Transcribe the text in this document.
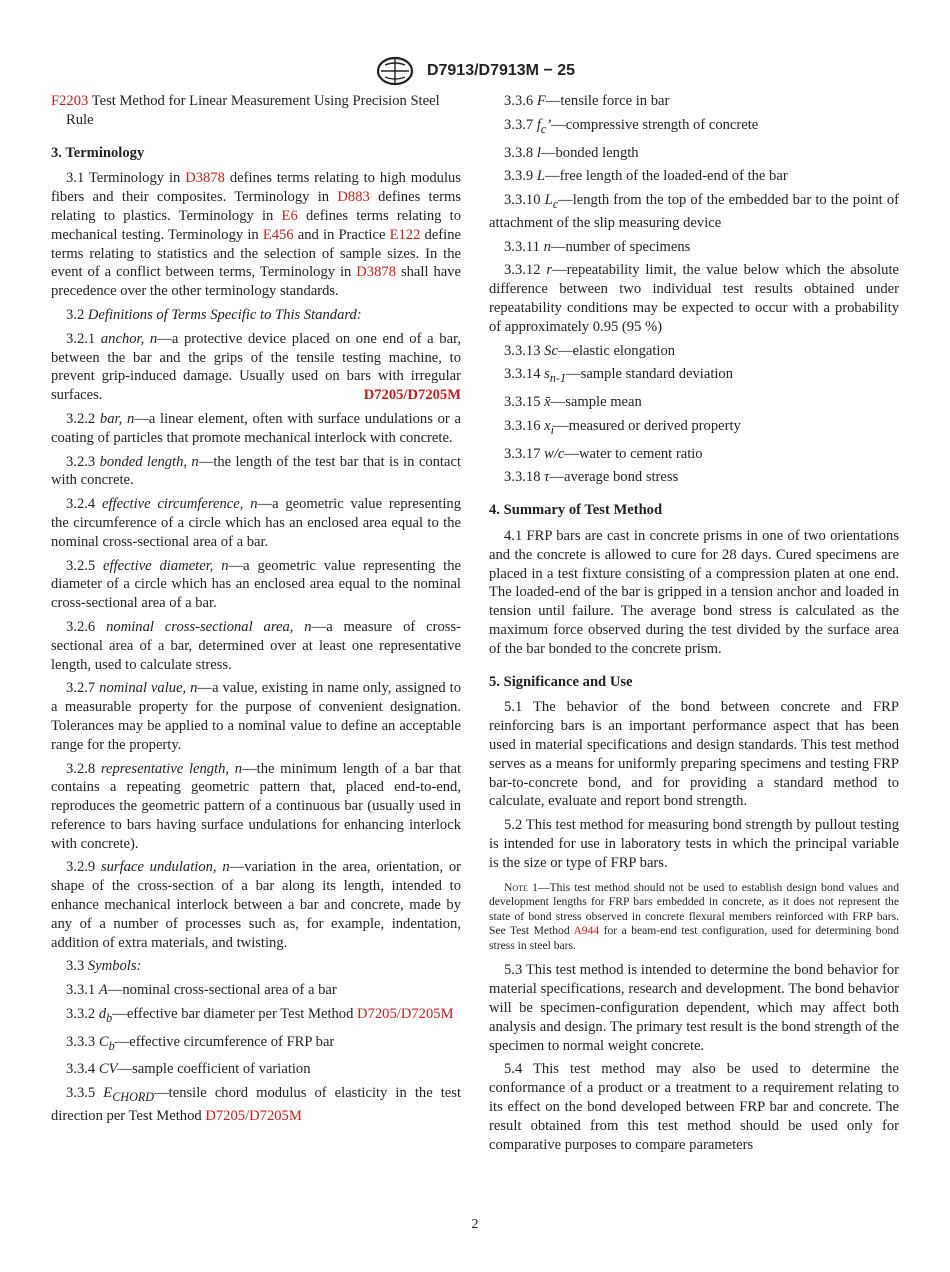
D7913/D7913M − 25

F2203 Test Method for Linear Measurement Using Precision Steel Rule

3. Terminology

3.1 Terminology in D3878 defines terms relating to high modulus fibers and their composites. Terminology in D883 defines terms relating to plastics. Terminology in E6 defines terms relating to mechanical testing. Terminology in E456 and in Practice E122 define terms relating to statistics and the selection of sample sizes. In the event of a conflict between terms, Terminology in D3878 shall have precedence over the other terminology standards.

3.2 Definitions of Terms Specific to This Standard:

3.2.1 anchor, n—a protective device placed on one end of a bar, between the bar and the grips of the tensile testing machine, to prevent grip-induced damage. Usually used on bars with irregular surfaces.	D7205/D7205M

3.2.2 bar, n—a linear element, often with surface undulations or a coating of particles that promote mechanical interlock with concrete.

3.2.3 bonded length, n—the length of the test bar that is in contact with concrete.

3.2.4 effective circumference, n—a geometric value representing the circumference of a circle which has an enclosed area equal to the nominal cross-sectional area of a bar.

3.2.5 effective diameter, n—a geometric value representing the diameter of a circle which has an enclosed area equal to the nominal cross-sectional area of a bar.

3.2.6 nominal cross-sectional area, n—a measure of cross-sectional area of a bar, determined over at least one representative length, used to calculate stress.

3.2.7 nominal value, n—a value, existing in name only, assigned to a measurable property for the purpose of convenient designation. Tolerances may be applied to a nominal value to define an acceptable range for the property.

3.2.8 representative length, n—the minimum length of a bar that contains a repeating geometric pattern that, placed end-to-end, reproduces the geometric pattern of a continuous bar (usually used in reference to bars having surface undulations for enhancing interlock with concrete).

3.2.9 surface undulation, n—variation in the area, orientation, or shape of the cross-section of a bar along its length, intended to enhance mechanical interlock between a bar and concrete, made by any of a number of processes such as, for example, indentation, addition of extra materials, and twisting.

3.3 Symbols:

3.3.1 A—nominal cross-sectional area of a bar

3.3.2 $d_b—effective$ bar diameter per Test Method D7205/D7205M

3.3.3 $C_b—effective$ circumference of FRP bar

3.3.4 CV—sample coefficient of variation

3.3.5 $E_{CHORD}—tensile$ chord modulus of elasticity in the test direction per Test Method D7205/D7205M

3.3.6 F—tensile force in bar

3.3.7 $f_c’—compressive$ strength of concrete

3.3.8 l—bonded length

3.3.9 L—free length of the loaded-end of the bar

3.3.10 $L_c—length$ from the top of the embedded bar to the point of attachment of the slip measuring device

3.3.11 n—number of specimens

3.3.12 r—repeatability limit, the value below which the absolute difference between two individual test results obtained under repeatability conditions may be expected to occur with a probability of approximately 0.95 (95 %)

3.3.13 Sc—elastic elongation

3.3.14 $s_{n-1}—sample$ standard deviation

3.3.15 x̄—sample mean

3.3.16 $x_i—measured$ or derived property

3.3.17 w/c—water to cement ratio

3.3.18 τ—average bond stress

4. Summary of Test Method

4.1 FRP bars are cast in concrete prisms in one of two orientations and the concrete is allowed to cure for 28 days. Cured specimens are placed in a test fixture consisting of a compression platen at one end. The loaded-end of the bar is gripped in a tension anchor and loaded in tension until failure. The average bond stress is calculated as the maximum force observed during the test divided by the surface area of the bar bonded to the concrete prism.

5. Significance and Use

5.1 The behavior of the bond between concrete and FRP reinforcing bars is an important performance aspect that has been used in material specifications and design standards. This test method serves as a means for uniformly preparing specimens and testing FRP bar-to-concrete bond, and for providing a standard method to calculate, evaluate and report bond strength.

5.2 This test method for measuring bond strength by pullout testing is intended for use in laboratory tests in which the principal variable is the size or type of FRP bars.

Note 1—This test method should not be used to establish design bond values and development lengths for FRP bars embedded in concrete, as it does not represent the state of bond stress observed in concrete flexural members reinforced with FRP bars. See Test Method A944 for a beam-end test configuration, used for determining bond stress in steel bars.

5.3 This test method is intended to determine the bond behavior for material specifications, research and development. The bond behavior will be specimen-configuration dependent, which may affect both analysis and design. The primary test result is the bond strength of the specimen to normal weight concrete.

5.4 This test method may also be used to determine the conformance of a product or a treatment to a requirement relating to its effect on the bond developed between FRP bar and concrete. The result obtained from this test method should be used only for comparative purposes to compare parameters

2
